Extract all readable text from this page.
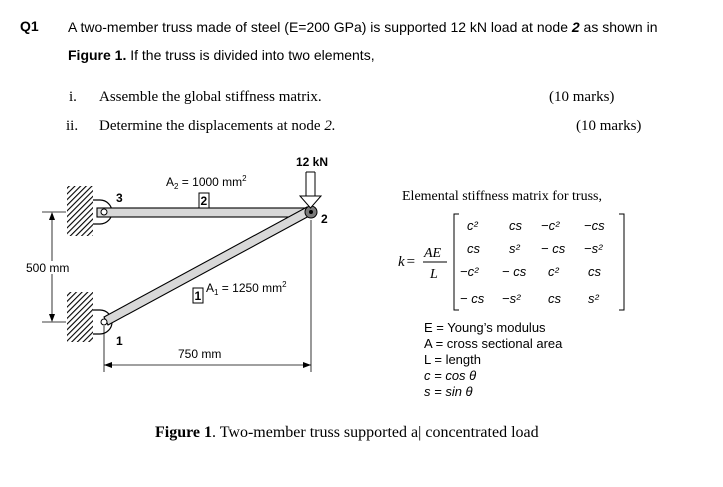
Q1 A two-member truss made of steel (E=200 GPa) is supported 12 kN load at node 2 as shown in
Figure 1. If the truss is divided into two elements,
i. Assemble the global stiffness matrix.	(10 marks)
ii. Determine the displacements at node 2.	(10 marks)
12 kN
3
2
1
$A_2 = 1000$ $mm^2$
2
1
$A_1 = 1250$ $mm^2$
500 mm
750 mm
Elemental stiffness matrix for truss,
k =
AE
L
c² cs −c² −cs
cs s² − cs −s²
−c² − cs c² cs
− cs −s² cs s²
E = Young’s modulus
A = cross sectional area
L = length
c = cos θ
s = sin θ
Figure 1. Two-member truss supported a| concentrated load
